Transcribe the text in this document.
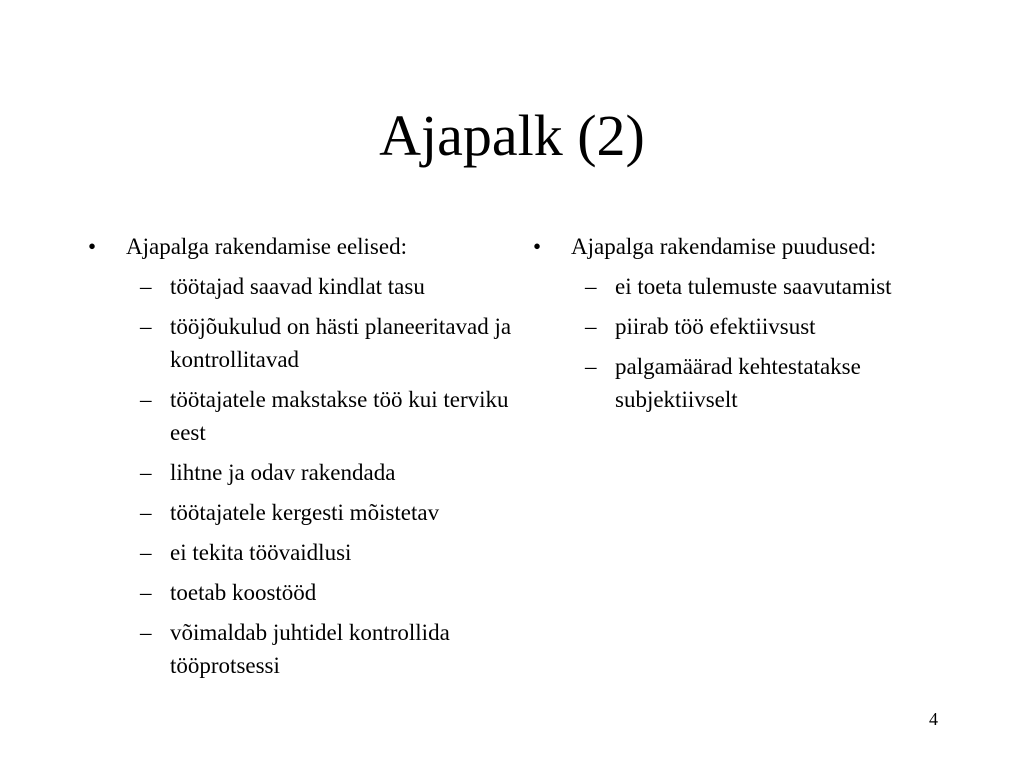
Ajapalk (2)
•	Ajapalga rakendamise eelised:
– töötajad saavad kindlat tasu
– tööjõukulud on hästi planeeritavad ja kontrollitavad
– töötajatele makstakse töö kui terviku eest
– lihtne ja odav rakendada
– töötajatele kergesti mõistetav
– ei tekita töövaidlusi
– toetab koostööd
– võimaldab juhtidel kontrollida tööprotsessi
•	Ajapalga rakendamise puudused:
– ei toeta tulemuste saavutamist
– piirab töö efektiivsust
– palgamäärad kehtestatakse subjektiivselt
4
